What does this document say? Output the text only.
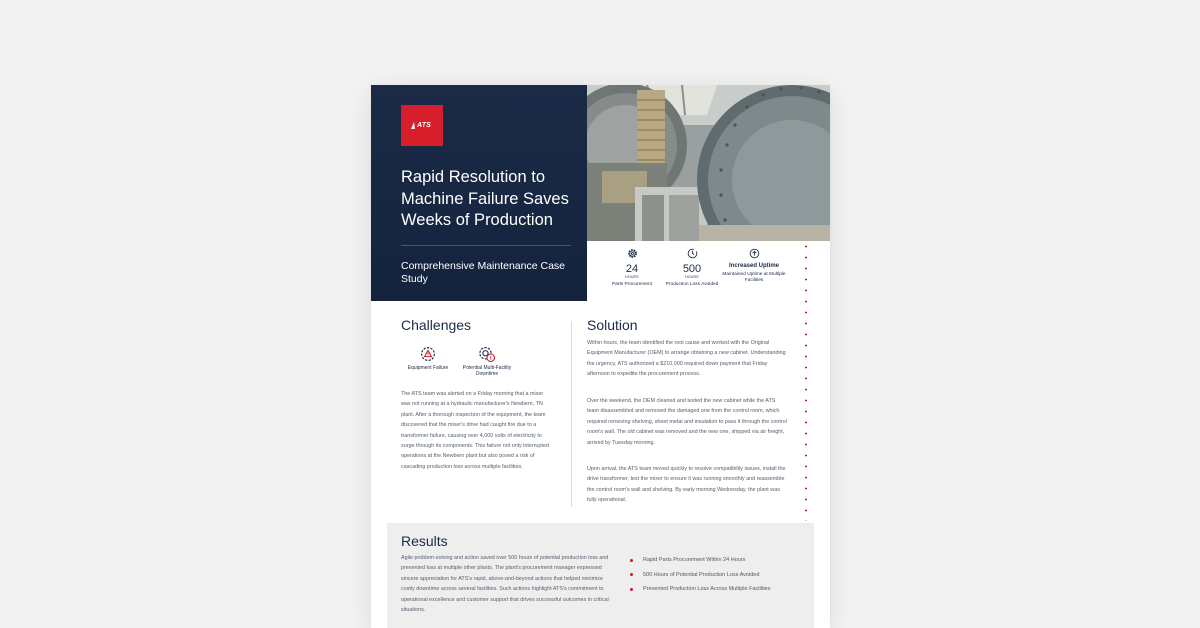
ATS
Rapid Resolution to Machine Failure Saves Weeks of Production
Comprehensive Maintenance Case Study
24
HOURS
Parts Procurement
500
HOURS
Production Loss Avoided
Increased Uptime
Maintained Uptime at Multiple Facilities
Challenges
Equipment Failure	Potential Multi-Facility Downtime

The ATS team was alerted on a Friday morning that a mixer was not running at a hydraulic manufacturer's Newbern, TN plant. After a thorough inspection of the equipment, the team discovered that the mixer's drive had caught fire due to a transformer failure, causing over 4,000 volts of electricity to surge through its components. This failure not only interrupted operations at the Newbern plant but also posed a risk of cascading production loss across multiple facilities.

Solution

Within hours, the team identified the root cause and worked with the Original Equipment Manufacturer (OEM) to arrange obtaining a new cabinet. Understanding the urgency, ATS authorized a $210,000 required down payment that Friday afternoon to expedite the procurement process.

Over the weekend, the OEM cleaned and tested the new cabinet while the ATS team disassembled and removed the damaged one from the control room, which required removing shelving, sheet metal and insulation to pass it through the control room's wall. The old cabinet was removed and the new one, shipped via air freight, arrived by Tuesday morning.

Upon arrival, the ATS team moved quickly to resolve compatibility issues, install the drive transformer, test the mixer to ensure it was running smoothly and reassemble the control room's wall and shelving. By early morning Wednesday, the plant was fully operational.

Results

Agile problem-solving and action saved over 500 hours of potential production loss and prevented loss at multiple other plants. The plant's procurement manager expressed sincere appreciation for ATS's rapid, above-and-beyond actions that helped minimize costly downtime across several facilities. Such actions highlight ATS's commitment to operational excellence and customer support that drives successful outcomes in critical situations.

Rapid Parts Procurement Within 24 Hours
500 Hours of Potential Production Loss Avoided
Prevented Production Loss Across Multiple Facilities
